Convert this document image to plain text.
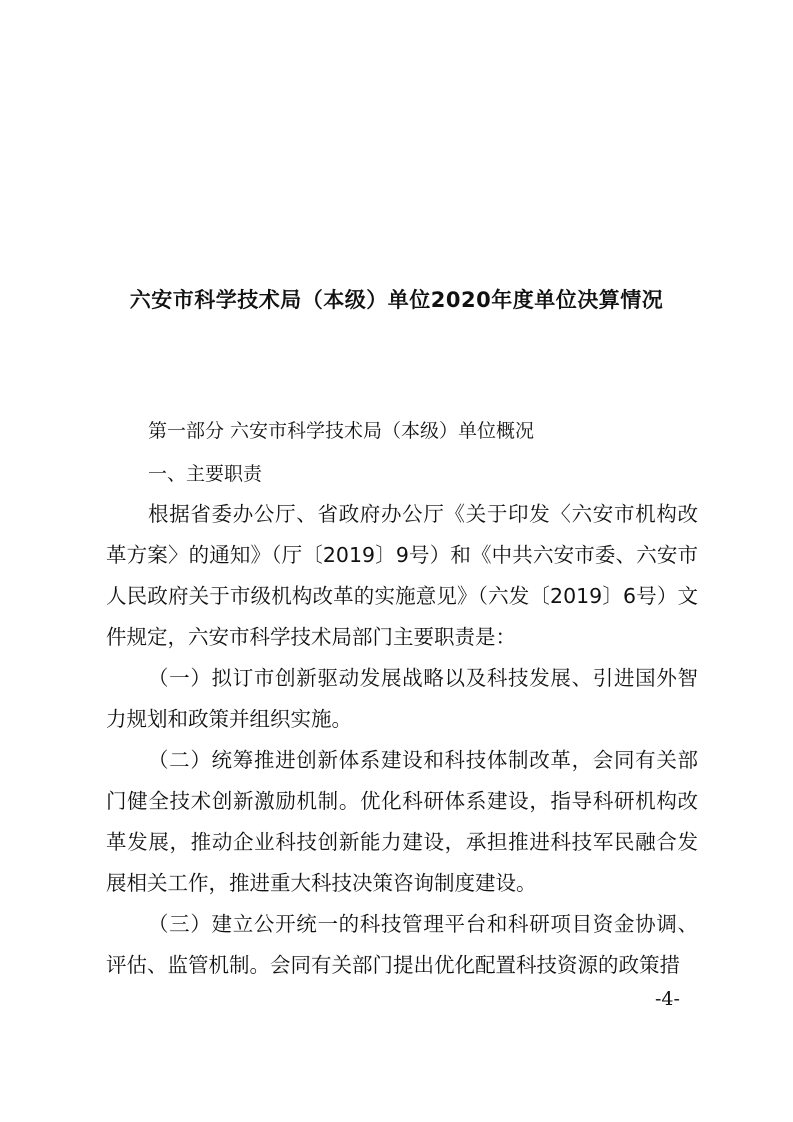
六安市科学技术局（本级）单位2020年度单位决算情况

第一部分 六安市科学技术局（本级）单位概况

一、主要职责

根据省委办公厅、省政府办公厅《关于印发〈六安市机构改革方案〉的通知》（厅〔2019〕9号）和《中共六安市委、六安市人民政府关于市级机构改革的实施意见》（六发〔2019〕6号）文件规定，六安市科学技术局部门主要职责是：

（一）拟订市创新驱动发展战略以及科技发展、引进国外智力规划和政策并组织实施。

（二）统筹推进创新体系建设和科技体制改革，会同有关部门健全技术创新激励机制。优化科研体系建设，指导科研机构改革发展，推动企业科技创新能力建设，承担推进科技军民融合发展相关工作，推进重大科技决策咨询制度建设。

（三）建立公开统一的科技管理平台和科研项目资金协调、评估、监管机制。会同有关部门提出优化配置科技资源的政策措

-4-
